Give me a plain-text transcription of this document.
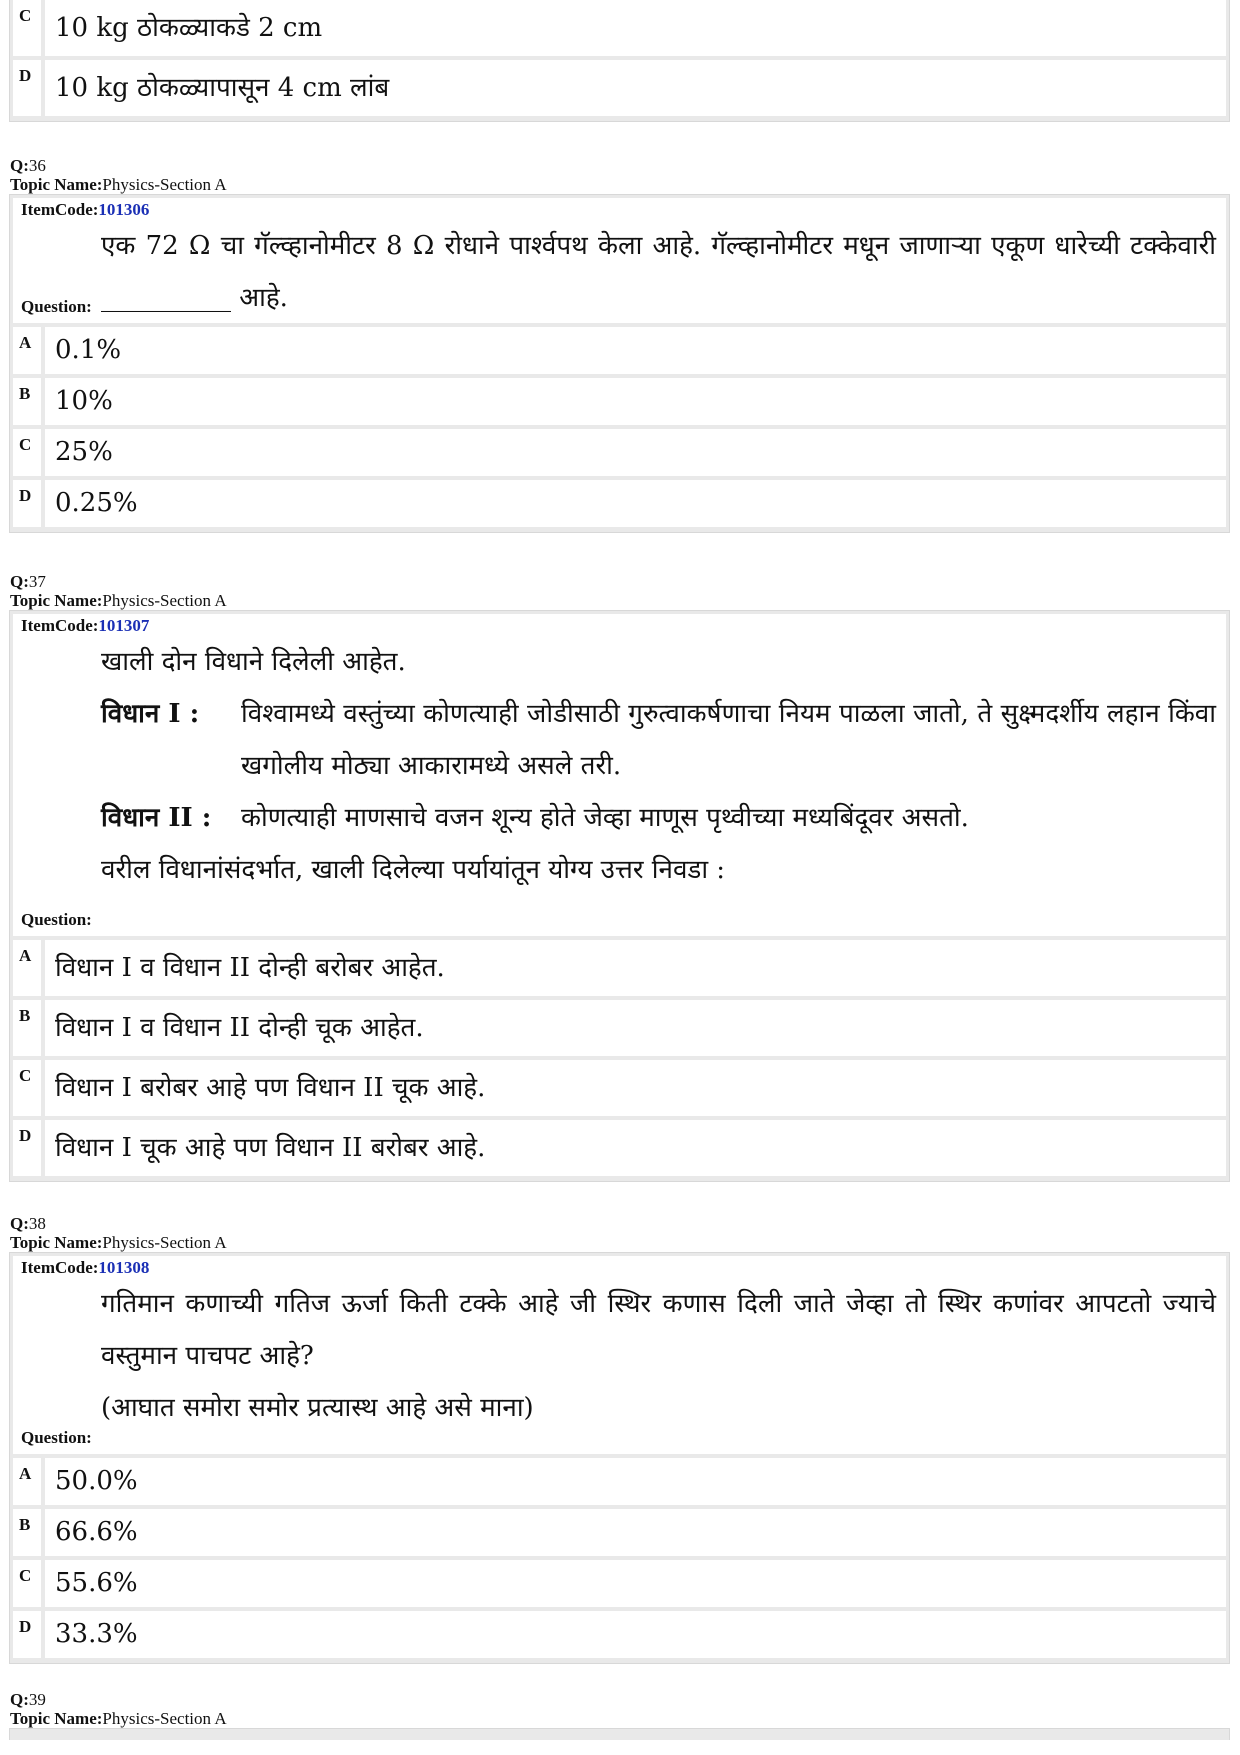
C 10 kg ठोकळ्याकडे 2 cm
D 10 kg ठोकळ्यापासून 4 cm लांब
Q:36
Topic Name:Physics-Section A
ItemCode:101306
एक 72 Ω चा गॅल्व्हानोमीटर 8 Ω रोधाने पार्श्वपथ केला आहे. गॅल्व्हानोमीटर मधून जाणाऱ्या एकूण धारेच्यी टक्केवारी __________ आहे.
Question:
A 0.1%
B 10%
C 25%
D 0.25%
Q:37
Topic Name:Physics-Section A
ItemCode:101307
खाली दोन विधाने दिलेली आहेत.
विधान I :	विश्वामध्ये वस्तुंच्या कोणत्याही जोडीसाठी गुरुत्वाकर्षणाचा नियम पाळला जातो, ते सुक्ष्मदर्शीय लहान किंवा खगोलीय मोठ्या आकारामध्ये असले तरी.
विधान II :	कोणत्याही माणसाचे वजन शून्य होते जेव्हा माणूस पृथ्वीच्या मध्यबिंदूवर असतो.
वरील विधानांसंदर्भात, खाली दिलेल्या पर्यायांतून योग्य उत्तर निवडा :
Question:
A विधान I व विधान II दोन्ही बरोबर आहेत.
B विधान I व विधान II दोन्ही चूक आहेत.
C विधान I बरोबर आहे पण विधान II चूक आहे.
D विधान I चूक आहे पण विधान II बरोबर आहे.
Q:38
Topic Name:Physics-Section A
ItemCode:101308
गतिमान कणाच्यी गतिज ऊर्जा किती टक्के आहे जी स्थिर कणास दिली जाते जेव्हा तो स्थिर कणांवर आपटतो ज्याचे वस्तुमान पाचपट आहे?
(आघात समोरा समोर प्रत्यास्थ आहे असे माना)
Question:
A 50.0%
B 66.6%
C 55.6%
D 33.3%
Q:39
Topic Name:Physics-Section A
